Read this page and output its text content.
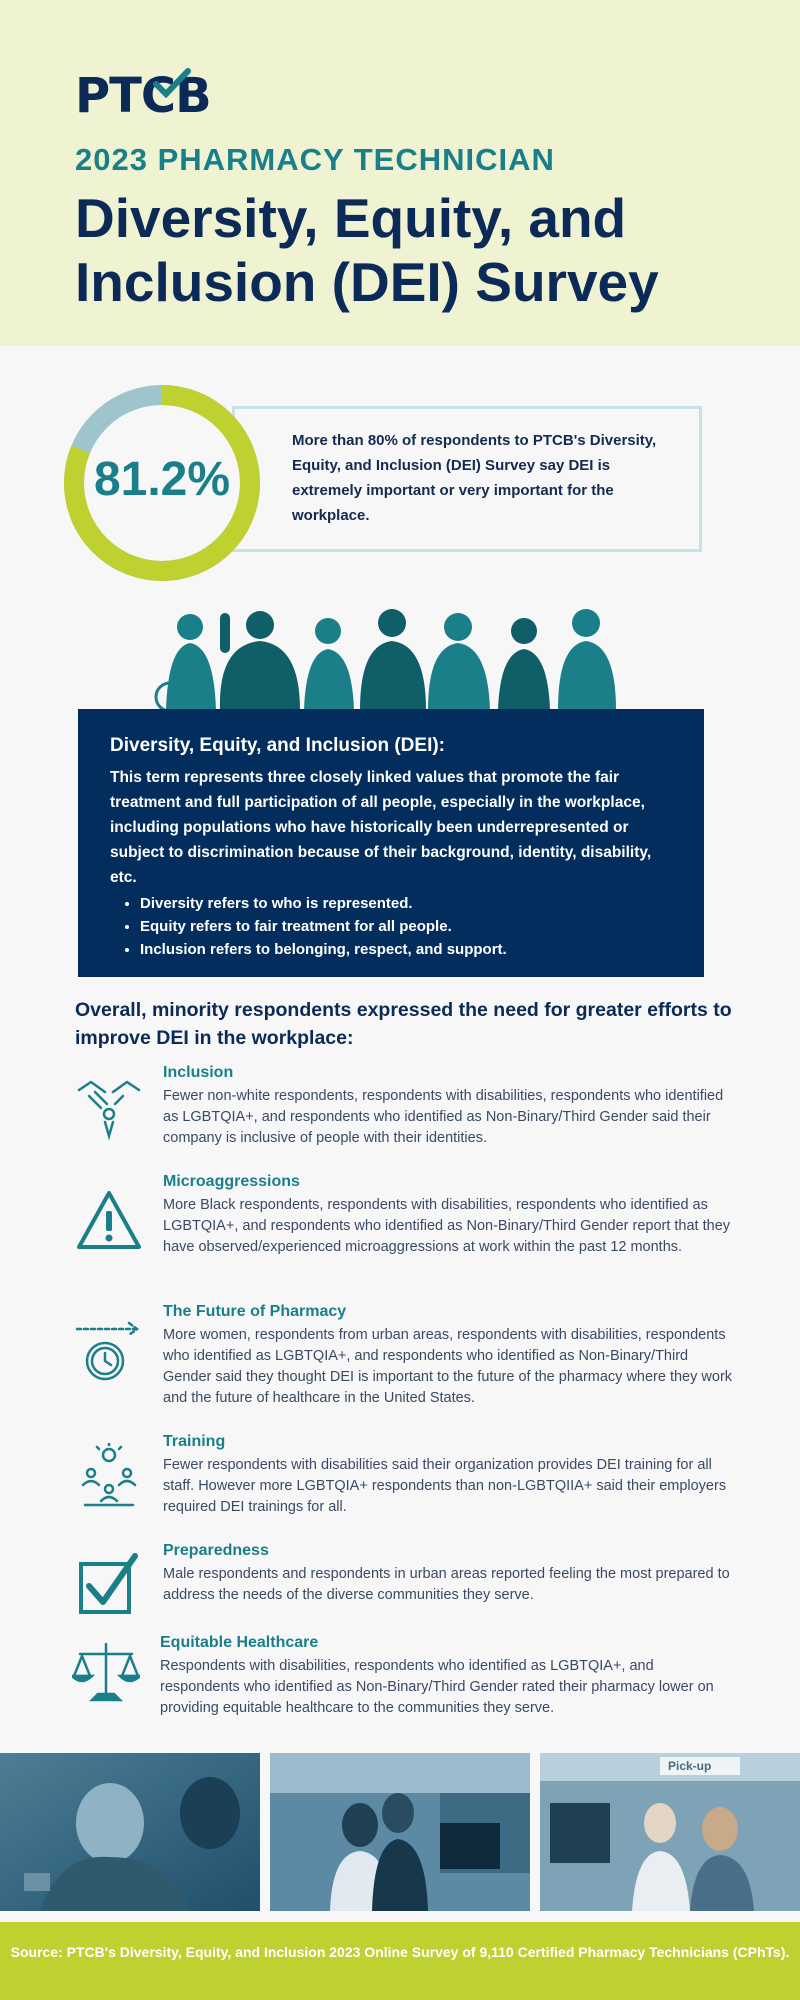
PTCB
2023 PHARMACY TECHNICIAN
Diversity, Equity, and Inclusion (DEI) Survey
81.2%
More than 80% of respondents to PTCB's Diversity, Equity, and Inclusion (DEI) Survey say DEI is extremely important or very important for the workplace.
Diversity, Equity, and Inclusion (DEI):

This term represents three closely linked values that promote the fair treatment and full participation of all people, especially in the workplace, including populations who have historically been underrepresented or subject to discrimination because of their background, identity, disability, etc.

• Diversity refers to who is represented.
• Equity refers to fair treatment for all people.
• Inclusion refers to belonging, respect, and support.
Overall, minority respondents expressed the need for greater efforts to improve DEI in the workplace:
Inclusion

Fewer non-white respondents, respondents with disabilities, respondents who identified as LGBTQIA+, and respondents who identified as Non-Binary/Third Gender said their company is inclusive of people with their identities.

Microaggressions

More Black respondents, respondents with disabilities, respondents who identified as LGBTQIA+, and respondents who identified as Non-Binary/Third Gender report that they have observed/experienced microaggressions at work within the past 12 months.

The Future of Pharmacy

More women, respondents from urban areas, respondents with disabilities, respondents who identified as LGBTQIA+, and respondents who identified as Non-Binary/Third Gender said they thought DEI is important to the future of the pharmacy where they work and the future of healthcare in the United States.

Training

Fewer respondents with disabilities said their organization provides DEI training for all staff. However more LGBTQIA+ respondents than non-LGBTQIIA+ said their employers required DEI trainings for all.

Preparedness

Male respondents and respondents in urban areas reported feeling the most prepared to address the needs of the diverse communities they serve.

Equitable Healthcare

Respondents with disabilities, respondents who identified as LGBTQIA+, and respondents who identified as Non-Binary/Third Gender rated their pharmacy lower on providing equitable healthcare to the communities they serve.

Pick-up

Source: PTCB's Diversity, Equity, and Inclusion 2023 Online Survey of 9,110 Certified Pharmacy Technicians (CPhTs).
